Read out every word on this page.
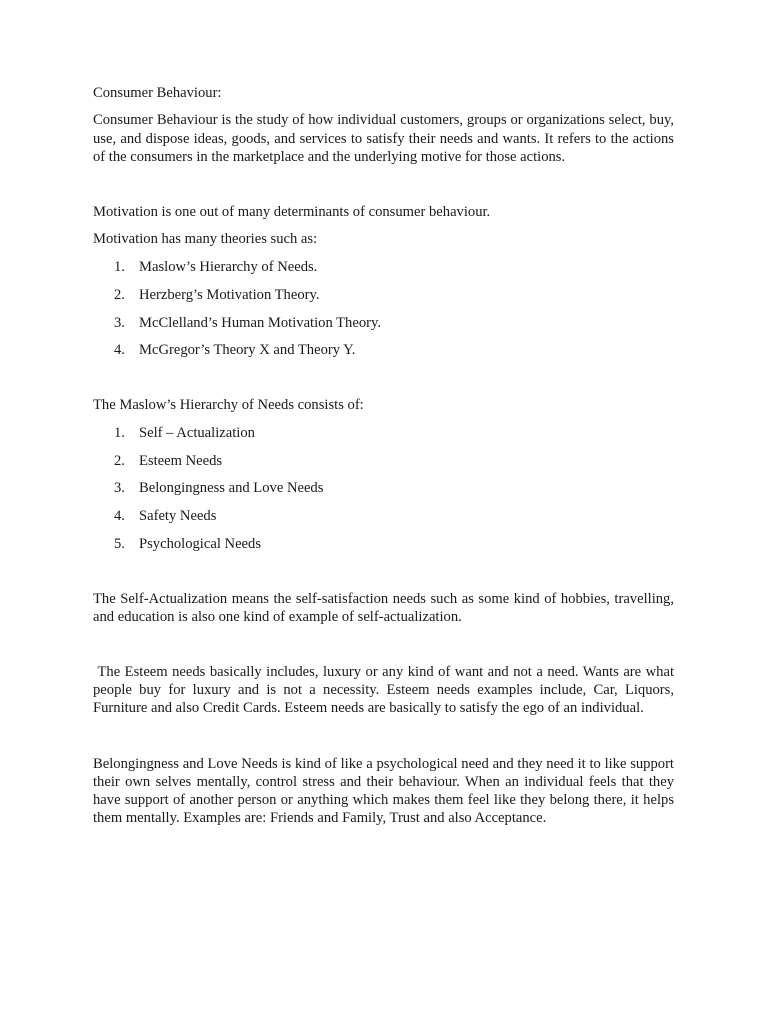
Consumer Behaviour:

Consumer Behaviour is the study of how individual customers, groups or organizations select, buy, use, and dispose ideas, goods, and services to satisfy their needs and wants. It refers to the actions of the consumers in the marketplace and the underlying motive for those actions.

Motivation is one out of many determinants of consumer behaviour.

Motivation has many theories such as:

1. Maslow’s Hierarchy of Needs.
2. Herzberg’s Motivation Theory.
3. McClelland’s Human Motivation Theory.
4. McGregor’s Theory X and Theory Y.

The Maslow’s Hierarchy of Needs consists of:

1. Self – Actualization
2. Esteem Needs
3. Belongingness and Love Needs
4. Safety Needs
5. Psychological Needs

The Self-Actualization means the self-satisfaction needs such as some kind of hobbies, travelling, and education is also one kind of example of self-actualization.

The Esteem needs basically includes, luxury or any kind of want and not a need. Wants are what people buy for luxury and is not a necessity. Esteem needs examples include, Car, Liquors, Furniture and also Credit Cards. Esteem needs are basically to satisfy the ego of an individual.

Belongingness and Love Needs is kind of like a psychological need and they need it to like support their own selves mentally, control stress and their behaviour. When an individual feels that they have support of another person or anything which makes them feel like they belong there, it helps them mentally. Examples are: Friends and Family, Trust and also Acceptance.
